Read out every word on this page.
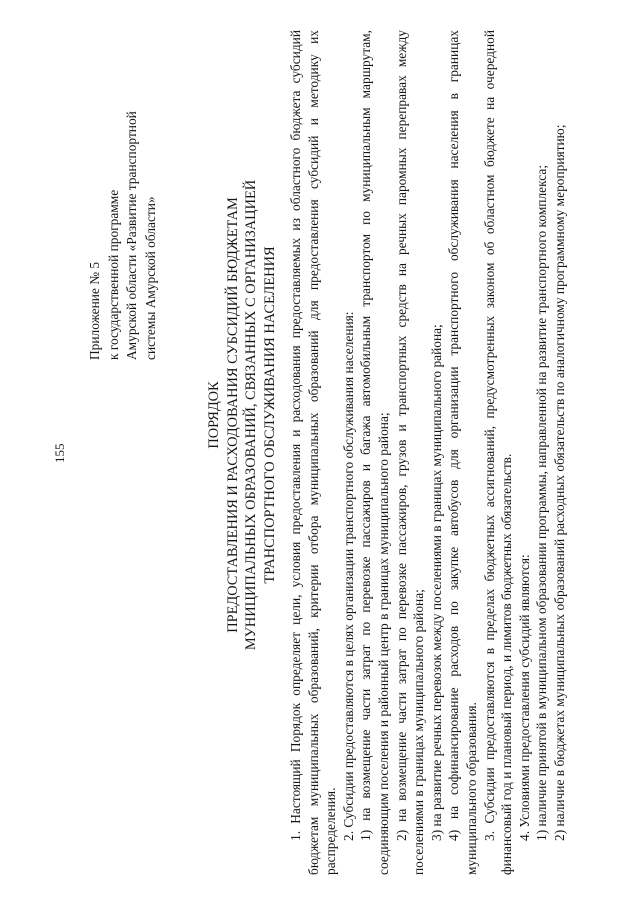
155

Приложение № 5 к государственной программе Амурской области «Развитие транспортной системы Амурской области»
ПОРЯДОК ПРЕДОСТАВЛЕНИЯ И РАСХОДОВАНИЯ СУБСИДИЙ БЮДЖЕТАМ МУНИЦИПАЛЬНЫХ ОБРАЗОВАНИЙ, СВЯЗАННЫХ С ОРГАНИЗАЦИЕЙ ТРАНСПОРТНОГО ОБСЛУЖИВАНИЯ НАСЕЛЕНИЯ 1. Настоящий Порядок определяет цели, условия предоставления и расходования предоставляемых из областного бюджета субсидий бюджетам муниципальных образований, критерии отбора муниципальных образований для предоставления субсидий и методику их распределения. 2. Субсидии предоставляются в целях организации транспортного обслуживания населения: 1) на возмещение части затрат по перевозке пассажиров и багажа автомобильным транспортом по муниципальным маршрутам, соединяющим поселения и районный центр в границах муниципального района; 2) на возмещение части затрат по перевозке пассажиров, грузов и транспортных средств на речных паромных переправах между поселениями в границах муниципального района; 3) на развитие речных перевозок между поселениями в границах муниципального района; 4) на софинансирование расходов по закупке автобусов для организации транспортного обслуживания населения в границах муниципального образования. 3. Субсидии предоставляются в пределах бюджетных ассигнований, предусмотренных законом об областном бюджете на очередной финансовый год и плановый период, и лимитов бюджетных обязательств. 4. Условиями предоставления субсидий являются: 1) наличие принятой в муниципальном образовании программы, направленной на развитие транспортного комплекса; 2) наличие в бюджетах муниципальных образований расходных обязательств по аналогичному программному мероприятию;
